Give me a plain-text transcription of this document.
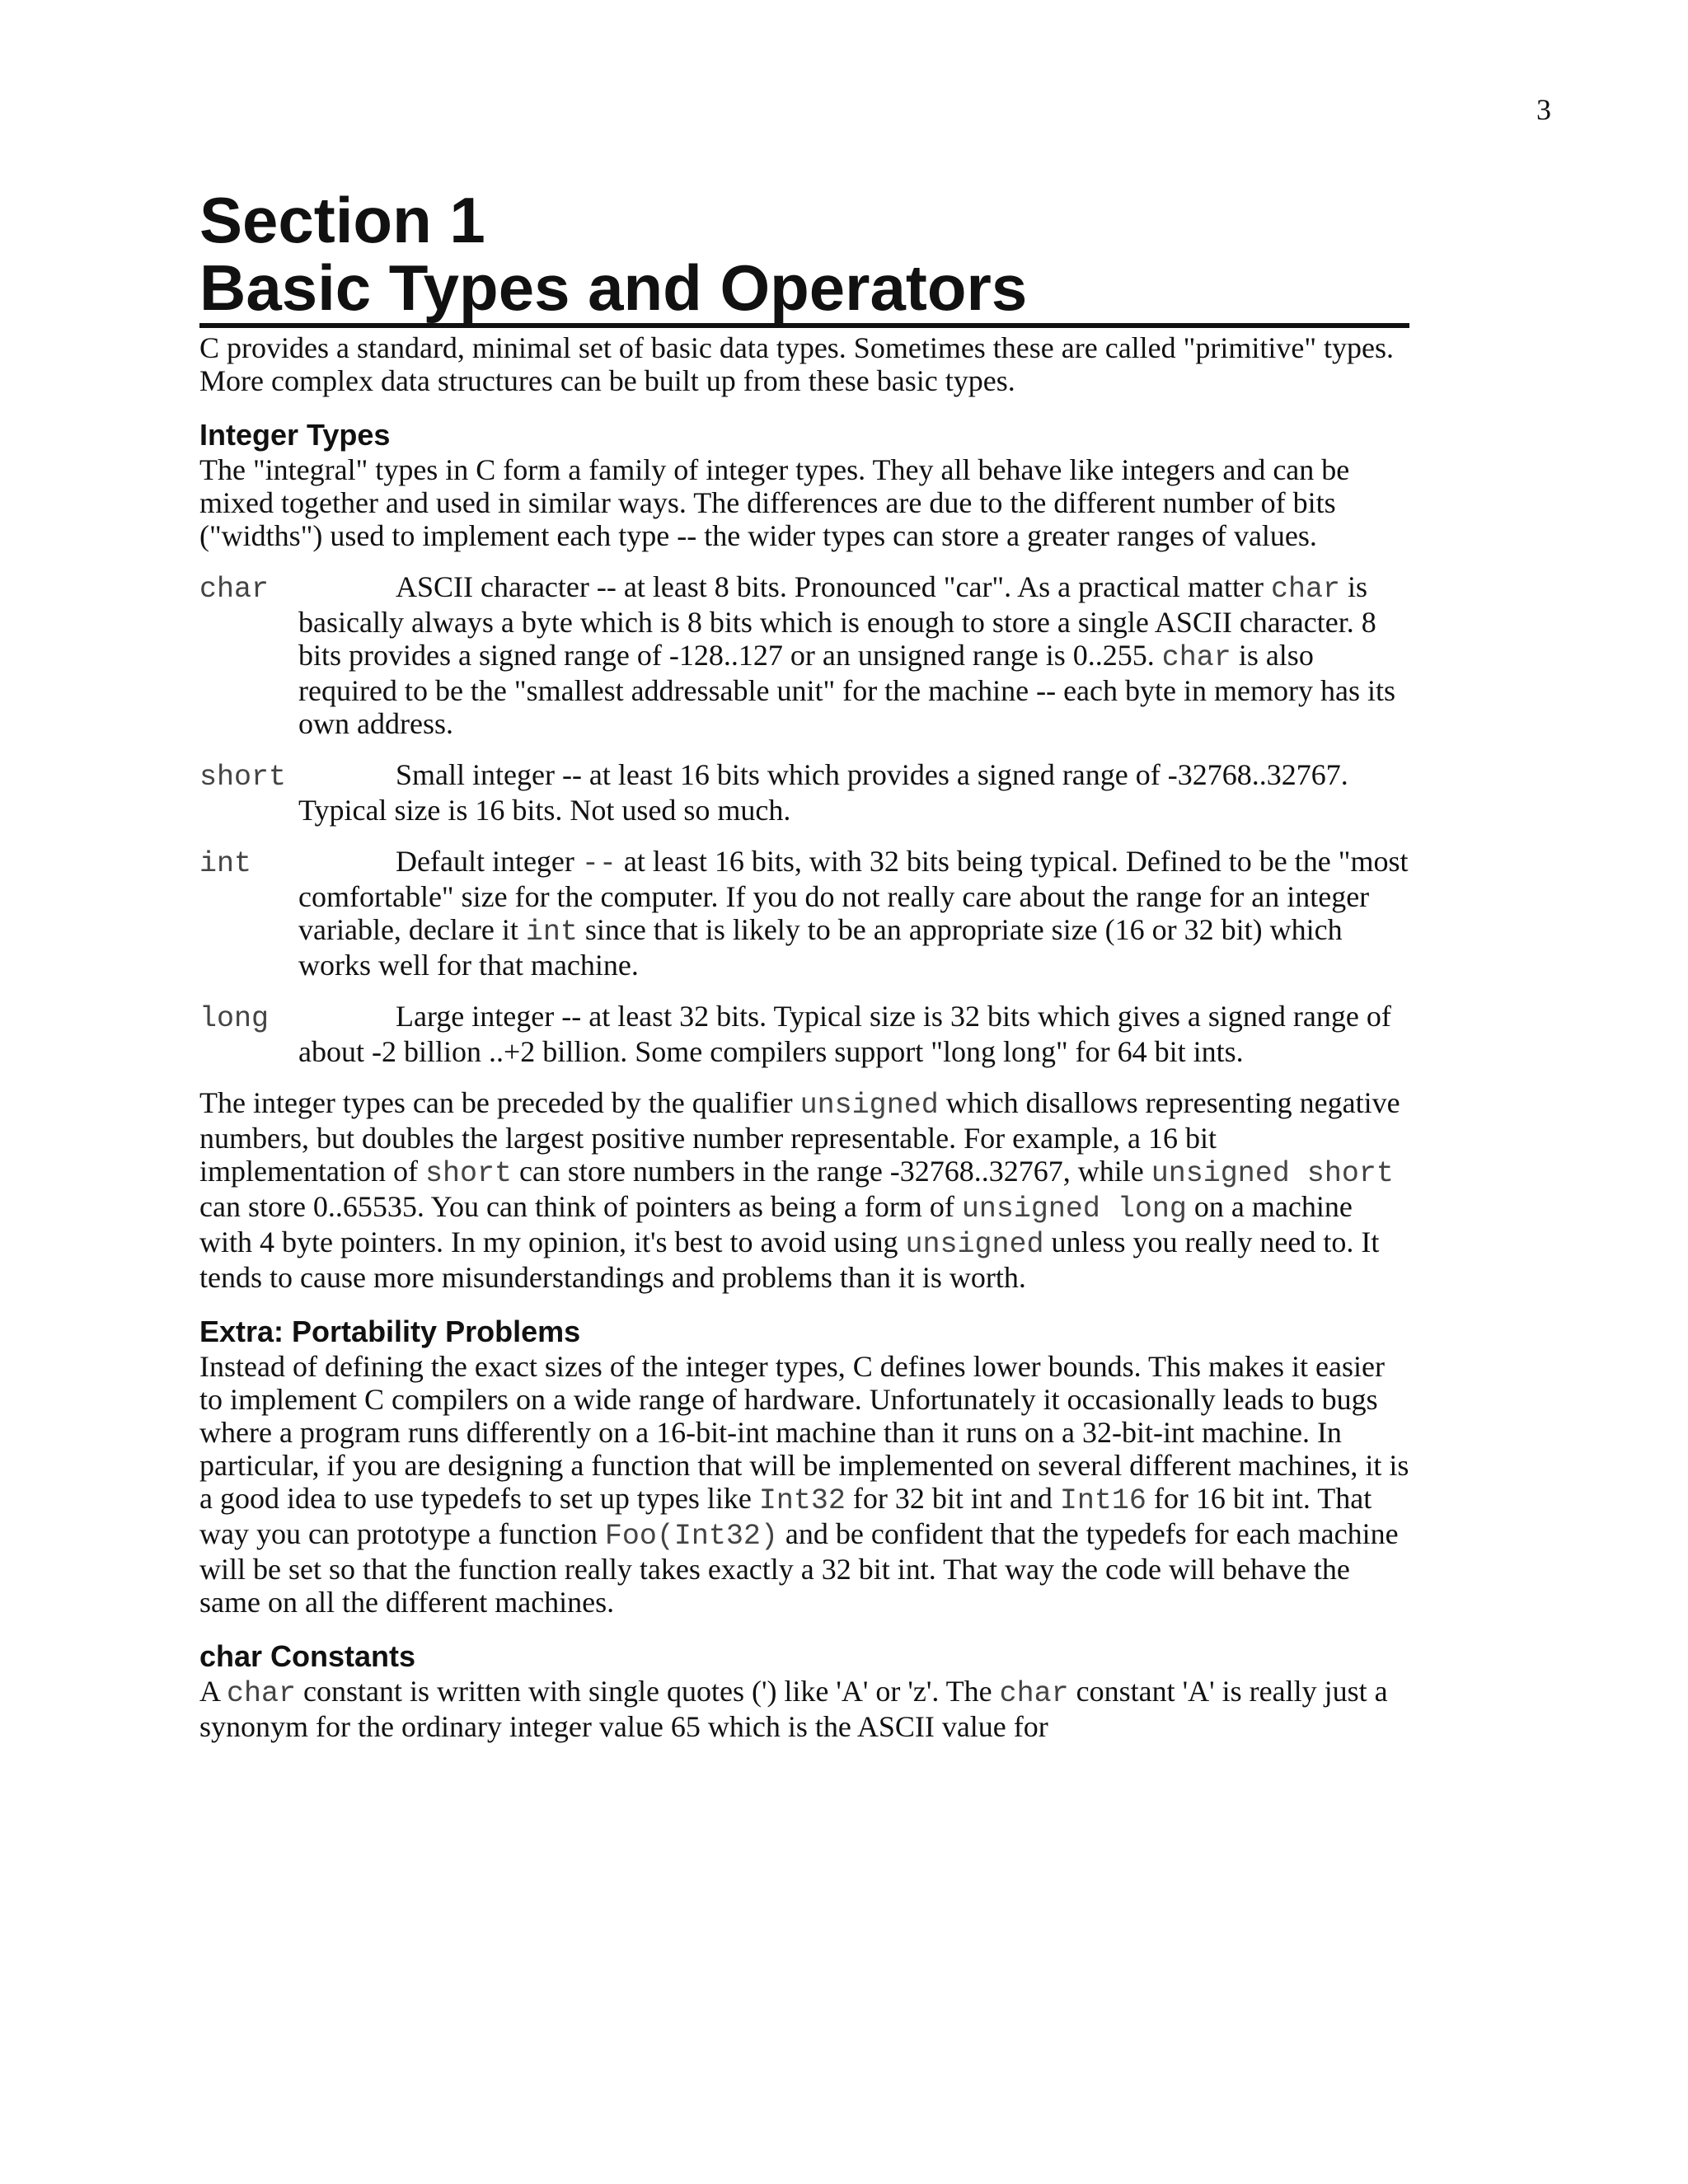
3
Section 1
Basic Types and Operators

C provides a standard, minimal set of basic data types. Sometimes these are called "primitive" types. More complex data structures can be built up from these basic types.

Integer Types

The "integral" types in C form a family of integer types. They all behave like integers and can be mixed together and used in similar ways. The differences are due to the different number of bits ("widths") used to implement each type -- the wider types can store a greater ranges of values.

char	ASCII character -- at least 8 bits. Pronounced "car". As a practical matter char is basically always a byte which is 8 bits which is enough to store a single ASCII character. 8 bits provides a signed range of -128..127 or an unsigned range is 0..255. char is also required to be the "smallest addressable unit" for the machine -- each byte in memory has its own address.
short	Small integer -- at least 16 bits which provides a signed range of -32768..32767. Typical size is 16 bits. Not used so much.
int	Default integer -- at least 16 bits, with 32 bits being typical. Defined to be the "most comfortable" size for the computer. If you do not really care about the range for an integer variable, declare it int since that is likely to be an appropriate size (16 or 32 bit) which works well for that machine.
long	Large integer -- at least 32 bits. Typical size is 32 bits which gives a signed range of about -2 billion ..+2 billion. Some compilers support "long long" for 64 bit ints.

The integer types can be preceded by the qualifier unsigned which disallows representing negative numbers, but doubles the largest positive number representable. For example, a 16 bit implementation of short can store numbers in the range -32768..32767, while unsigned short can store 0..65535. You can think of pointers as being a form of unsigned long on a machine with 4 byte pointers. In my opinion, it's best to avoid using unsigned unless you really need to. It tends to cause more misunderstandings and problems than it is worth.

Extra: Portability Problems

Instead of defining the exact sizes of the integer types, C defines lower bounds. This makes it easier to implement C compilers on a wide range of hardware. Unfortunately it occasionally leads to bugs where a program runs differently on a 16-bit-int machine than it runs on a 32-bit-int machine. In particular, if you are designing a function that will be implemented on several different machines, it is a good idea to use typedefs to set up types like Int32 for 32 bit int and Int16 for 16 bit int. That way you can prototype a function Foo(Int32) and be confident that the typedefs for each machine will be set so that the function really takes exactly a 32 bit int. That way the code will behave the same on all the different machines.

char Constants

A char constant is written with single quotes (') like 'A' or 'z'. The char constant 'A' is really just a synonym for the ordinary integer value 65 which is the ASCII value for
